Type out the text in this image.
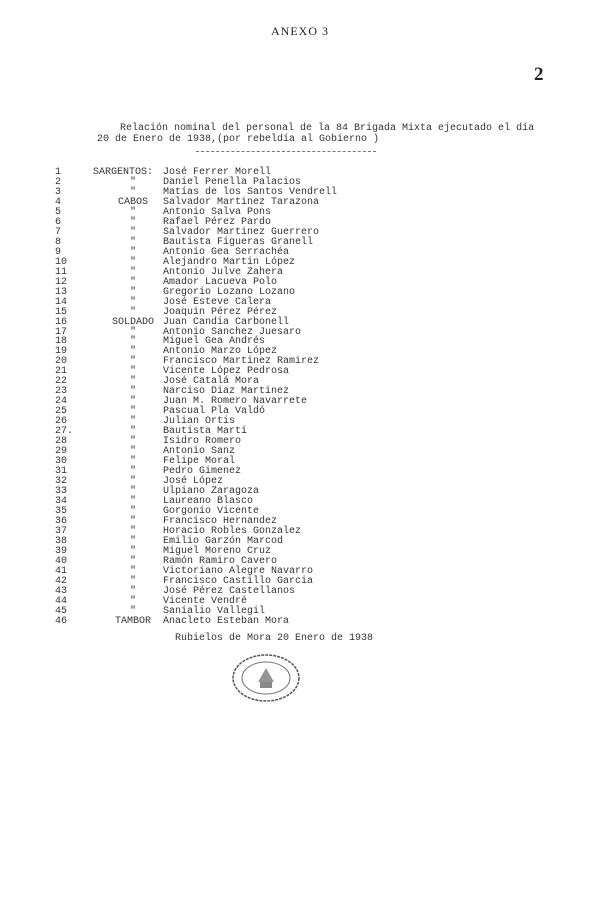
ANEXO 3
2
Relación nominal del personal de la 84 Brigada Mixta ejecutado el día
20 de Enero de 1938,(por rebeldía al Gobierno )
1	SARGENTOS: José Ferrer Morell
2	"	Daniel Penella Palacios
3	"	Matías de los Santos Vendrell
4	CABOS	Salvador Martinez Tarazona
5	"	Antonio Salva Pons
6	"	Rafael Pérez Pardo
7	"	Salvador Martinez Guerrero
8	"	Bautista Figueras Granell
9	"	Antonio Gea Serrachéa
10	"	Alejandro Martin López
11	"	Antonio Julve Zahera
12	"	Amador Lacueva Polo
13	"	Gregorio Lozano Lozano
14	"	José Esteve Calera
15	"	Joaquin Pérez Pérez
16	SOLDADO Juan Candia Carbonell
17	"	Antonio Sanchez Juesaro
18	"	Miguel Gea Andrés
19	"	Antonio Marzo López
20	"	Francisco Martinez Ramirez
21	"	Vicente López Pedrosa
22	"	José Catalá Mora
23	"	Narciso Diaz Martinez
24	"	Juan M. Romero Navarrete
25	"	Pascual Pla Valdó
26	"	Julian Ortis
27.	"	Bautista Marti
28	"	Isidro Romero
29	"	Antonio Sanz
30	"	Felipe Moral
31	"	Pedro Gimenez
32	"	José López
33	"	Ulpiano Zaragoza
34	"	Laureano Blasco
35	"	Gorgonio Vicente
36	"	Francisco Hernandez
37	"	Horacio Robles Gonzalez
38	"	Emilio Garzón Marcod
39	"	Miguel Moreno Cruz
40	"	Ramón Ramiro Cavero
41	"	Victoriano Alegre Navarro
42	"	Francisco Castillo Garcia
43	"	José Pérez Castellanos
44	"	Vicente Vendré
45	"	Sanialio Vallegil
46	TAMBOR	Anacleto Esteban Mora
Rubielos de Mora 20 Enero de 1938
